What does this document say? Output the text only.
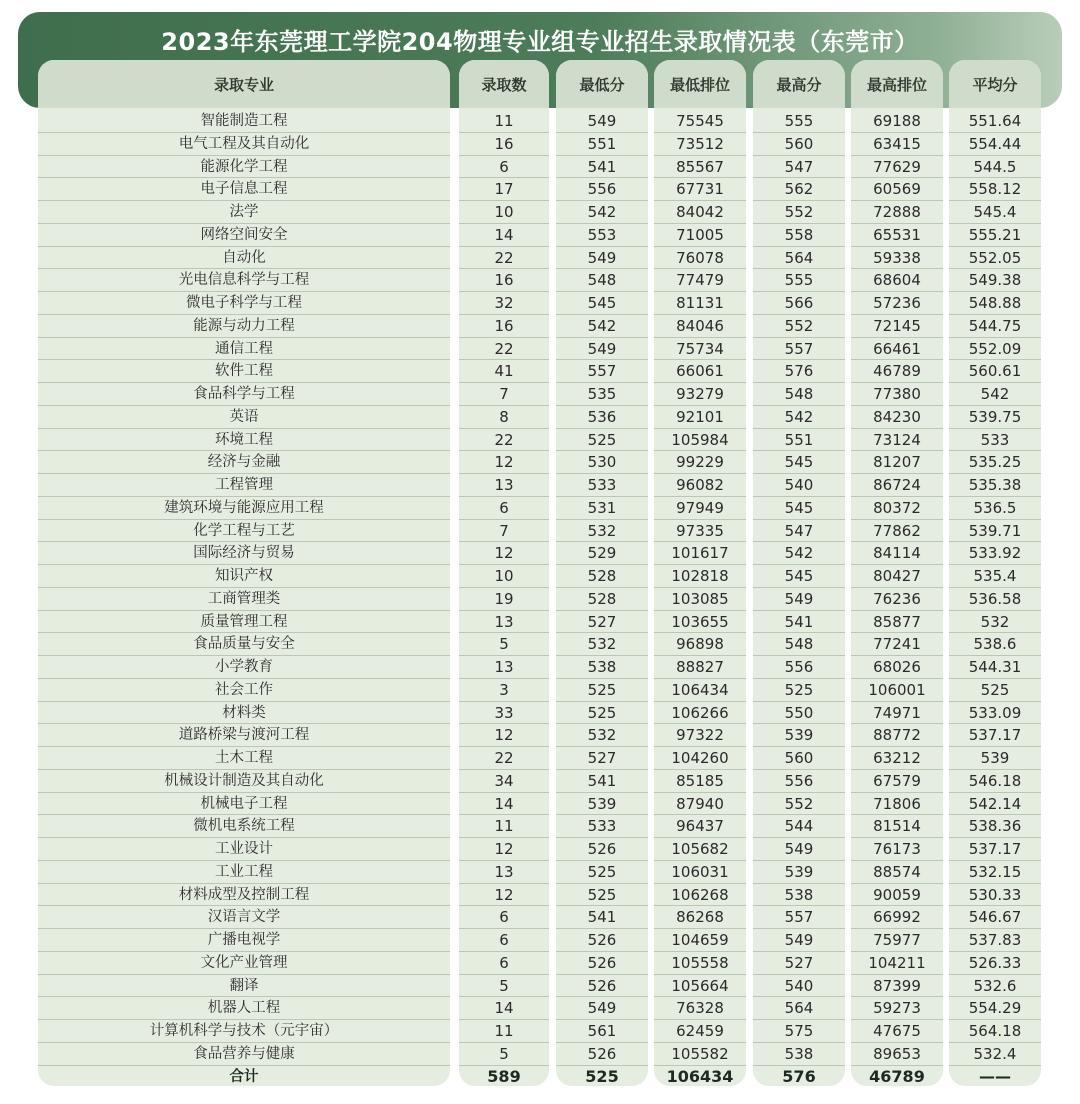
2023年东莞理工学院204物理专业组专业招生录取情况表（东莞市）
录取专业
智能制造工程
电气工程及其自动化
能源化学工程
电子信息工程
法学
网络空间安全
自动化
光电信息科学与工程
微电子科学与工程
能源与动力工程
通信工程
软件工程
食品科学与工程
英语
环境工程
经济与金融
工程管理
建筑环境与能源应用工程
化学工程与工艺
国际经济与贸易
知识产权
工商管理类
质量管理工程
食品质量与安全
小学教育
社会工作
材料类
道路桥梁与渡河工程
土木工程
机械设计制造及其自动化
机械电子工程
微机电系统工程
工业设计
工业工程
材料成型及控制工程
汉语言文学
广播电视学
文化产业管理
翻译
机器人工程
计算机科学与技术（元宇宙）
食品营养与健康
合计
录取数
11
16
6
17
10
14
22
16
32
16
22
41
7
8
22
12
13
6
7
12
10
19
13
5
13
3
33
12
22
34
14
11
12
13
12
6
6
6
5
14
11
5
589
最低分
549
551
541
556
542
553
549
548
545
542
549
557
535
536
525
530
533
531
532
529
528
528
527
532
538
525
525
532
527
541
539
533
526
525
525
541
526
526
526
549
561
526
525
最低排位
75545
73512
85567
67731
84042
71005
76078
77479
81131
84046
75734
66061
93279
92101
105984
99229
96082
97949
97335
101617
102818
103085
103655
96898
88827
106434
106266
97322
104260
85185
87940
96437
105682
106031
106268
86268
104659
105558
105664
76328
62459
105582
106434
最高分
555
560
547
562
552
558
564
555
566
552
557
576
548
542
551
545
540
545
547
542
545
549
541
548
556
525
550
539
560
556
552
544
549
539
538
557
549
527
540
564
575
538
576
最高排位
69188
63415
77629
60569
72888
65531
59338
68604
57236
72145
66461
46789
77380
84230
73124
81207
86724
80372
77862
84114
80427
76236
85877
77241
68026
106001
74971
88772
63212
67579
71806
81514
76173
88574
90059
66992
75977
104211
87399
59273
47675
89653
46789
平均分
551.64
554.44
544.5
558.12
545.4
555.21
552.05
549.38
548.88
544.75
552.09
560.61
542
539.75
533
535.25
535.38
536.5
539.71
533.92
535.4
536.58
532
538.6
544.31
525
533.09
537.17
539
546.18
542.14
538.36
537.17
532.15
530.33
546.67
537.83
526.33
532.6
554.29
564.18
532.4
——
